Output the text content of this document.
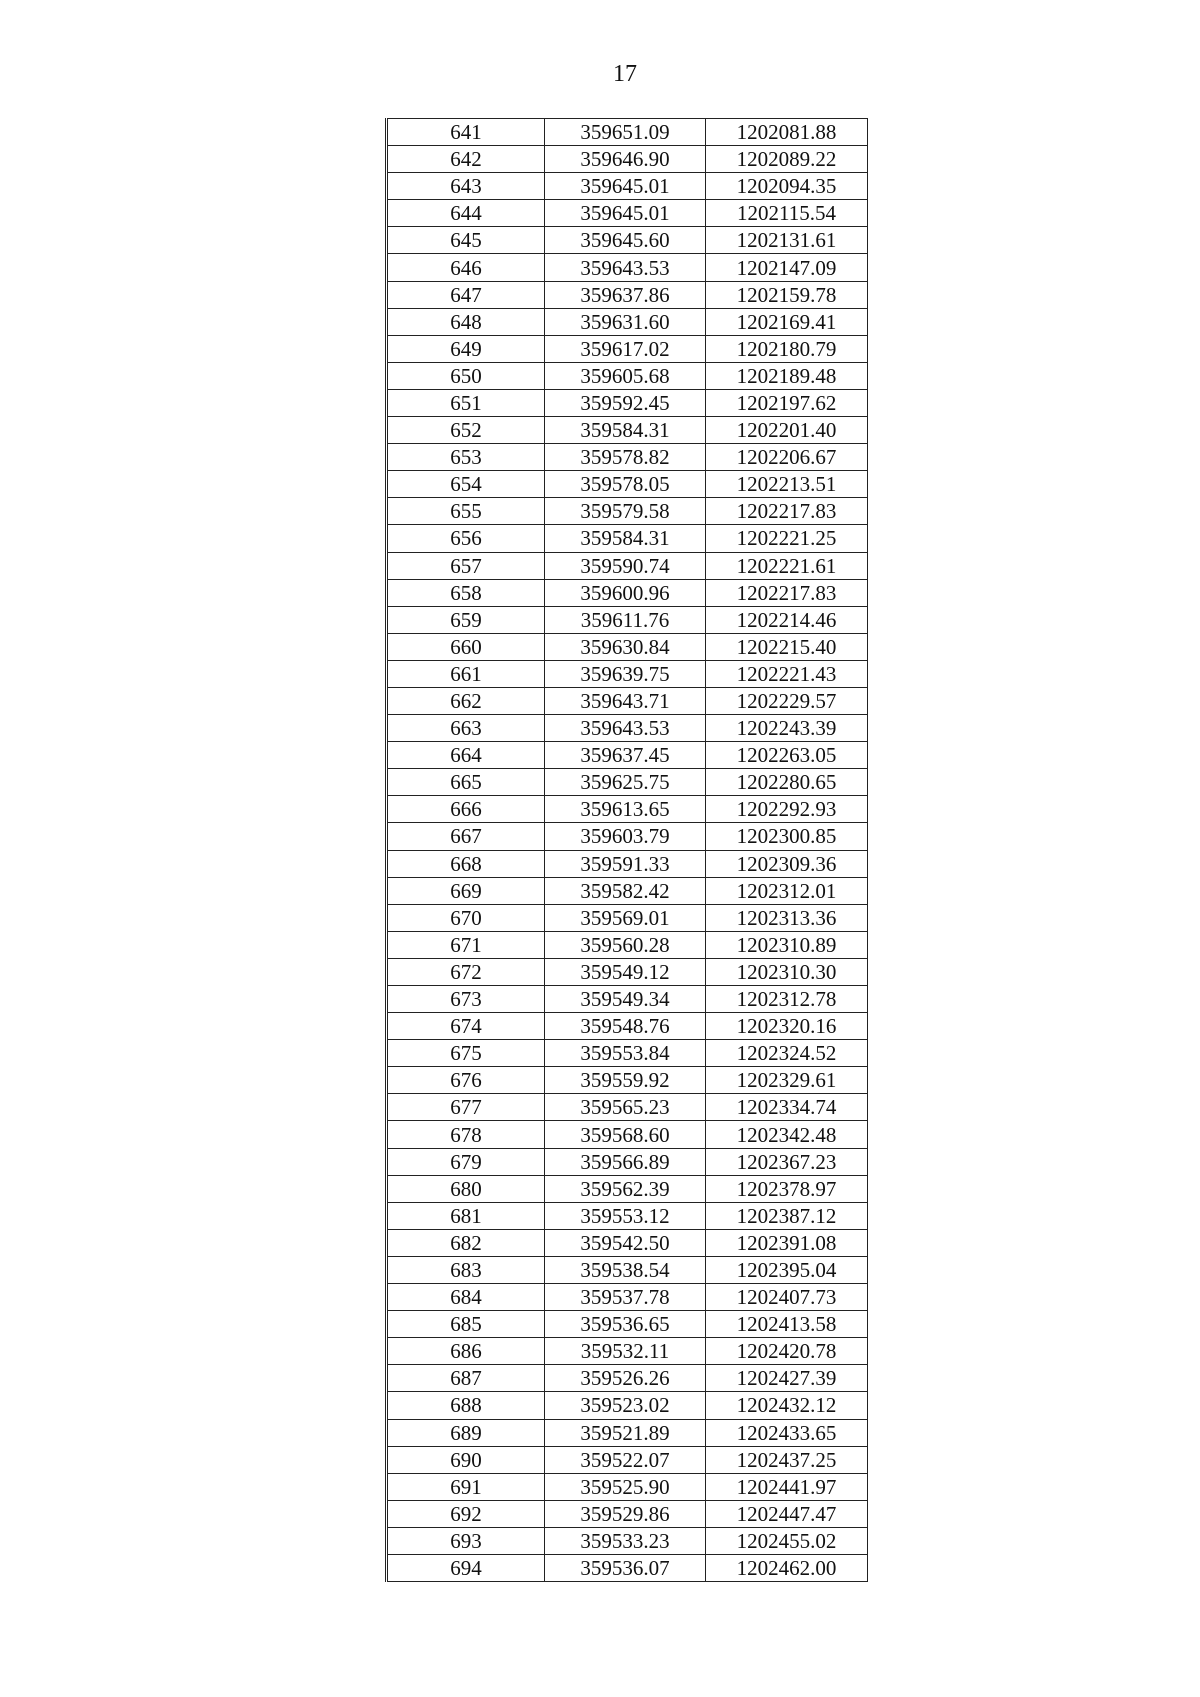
17
641	359651.09	1202081.88
642	359646.90	1202089.22
643	359645.01	1202094.35
644	359645.01	1202115.54
645	359645.60	1202131.61
646	359643.53	1202147.09
647	359637.86	1202159.78
648	359631.60	1202169.41
649	359617.02	1202180.79
650	359605.68	1202189.48
651	359592.45	1202197.62
652	359584.31	1202201.40
653	359578.82	1202206.67
654	359578.05	1202213.51
655	359579.58	1202217.83
656	359584.31	1202221.25
657	359590.74	1202221.61
658	359600.96	1202217.83
659	359611.76	1202214.46
660	359630.84	1202215.40
661	359639.75	1202221.43
662	359643.71	1202229.57
663	359643.53	1202243.39
664	359637.45	1202263.05
665	359625.75	1202280.65
666	359613.65	1202292.93
667	359603.79	1202300.85
668	359591.33	1202309.36
669	359582.42	1202312.01
670	359569.01	1202313.36
671	359560.28	1202310.89
672	359549.12	1202310.30
673	359549.34	1202312.78
674	359548.76	1202320.16
675	359553.84	1202324.52
676	359559.92	1202329.61
677	359565.23	1202334.74
678	359568.60	1202342.48
679	359566.89	1202367.23
680	359562.39	1202378.97
681	359553.12	1202387.12
682	359542.50	1202391.08
683	359538.54	1202395.04
684	359537.78	1202407.73
685	359536.65	1202413.58
686	359532.11	1202420.78
687	359526.26	1202427.39
688	359523.02	1202432.12
689	359521.89	1202433.65
690	359522.07	1202437.25
691	359525.90	1202441.97
692	359529.86	1202447.47
693	359533.23	1202455.02
694	359536.07	1202462.00
